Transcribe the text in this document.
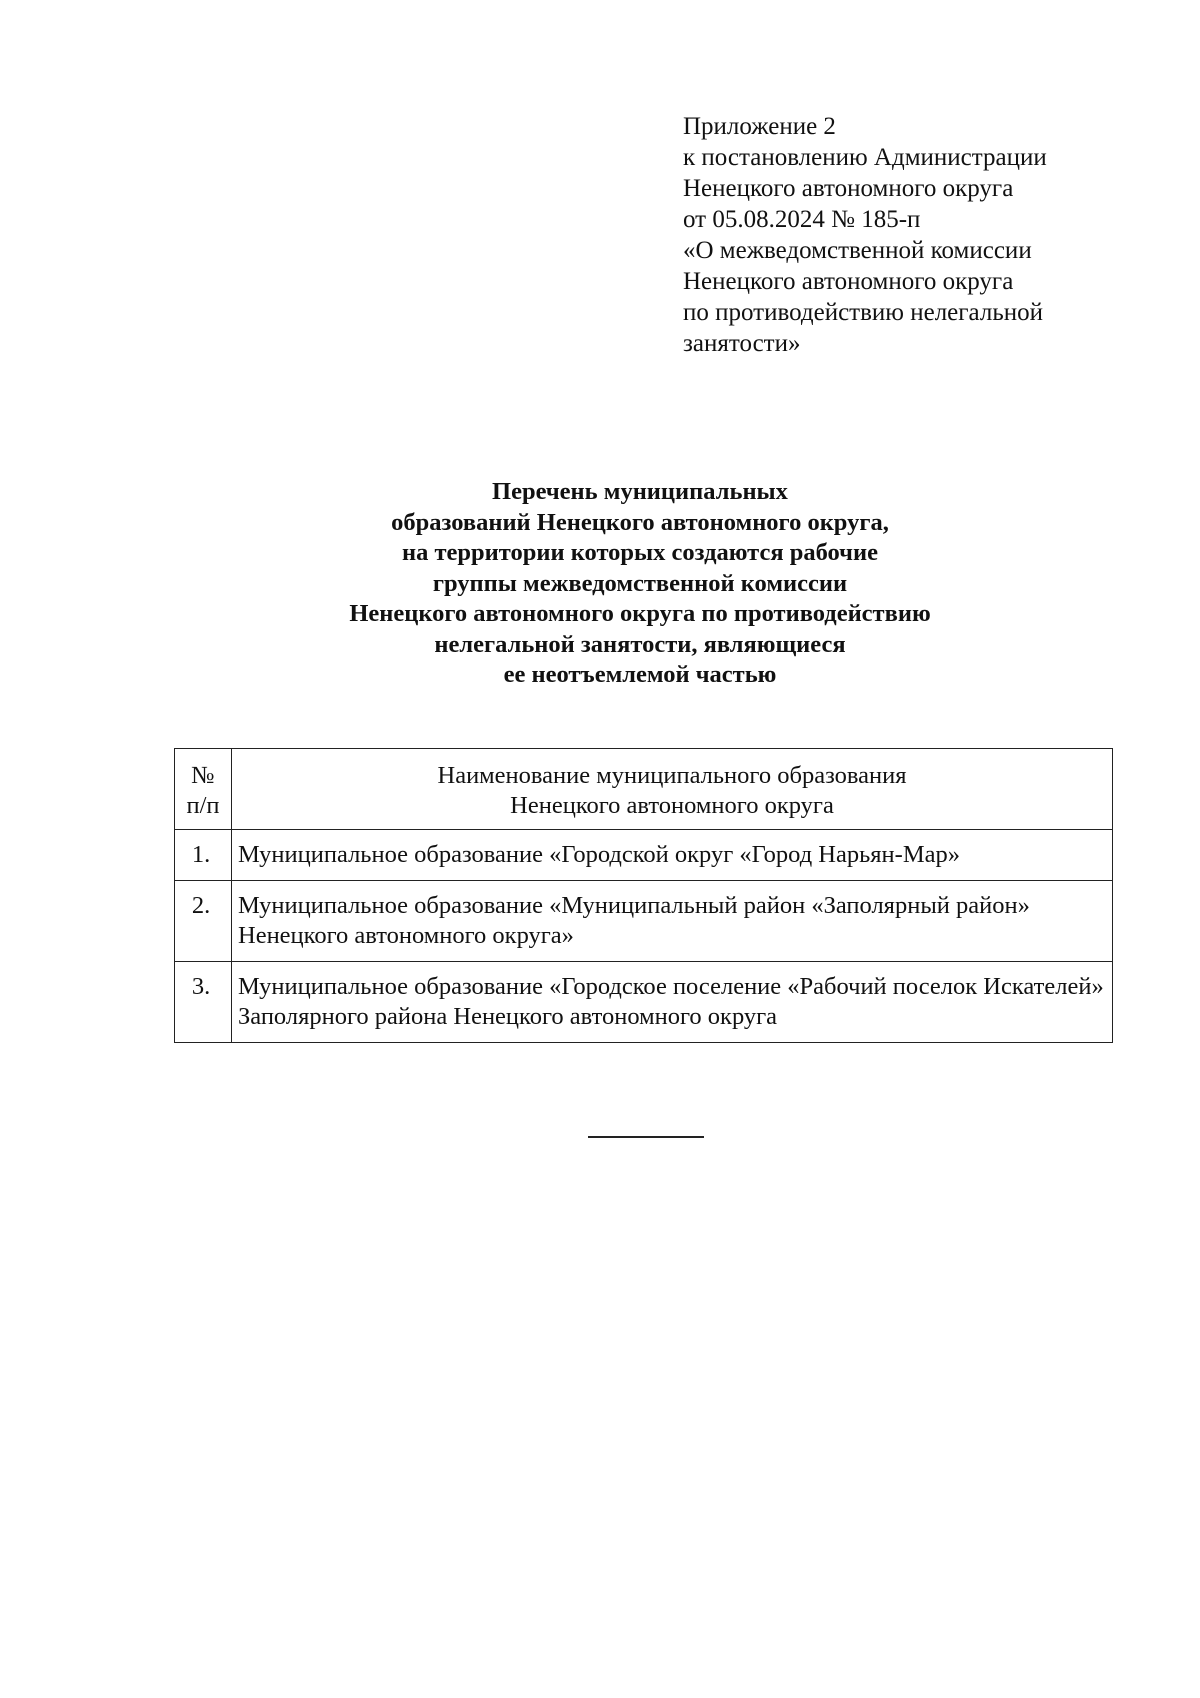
Приложение 2
к постановлению Администрации
Ненецкого автономного округа
от 05.08.2024 № 185-п
«О межведомственной комиссии
Ненецкого автономного округа
по противодействию нелегальной
занятости»
Перечень муниципальных
образований Ненецкого автономного округа,
на территории которых создаются рабочие
группы межведомственной комиссии
Ненецкого автономного округа по противодействию
нелегальной занятости, являющиеся
ее неотъемлемой частью
№
п/п	Наименование муниципального образования
Ненецкого автономного округа

1.	Муниципальное образование «Городской округ «Город Нарьян-Мар»
2.	Муниципальное образование «Муниципальный район «Заполярный район» Ненецкого автономного округа»
3.	Муниципальное образование «Городское поселение «Рабочий поселок Искателей» Заполярного района Ненецкого автономного округа
